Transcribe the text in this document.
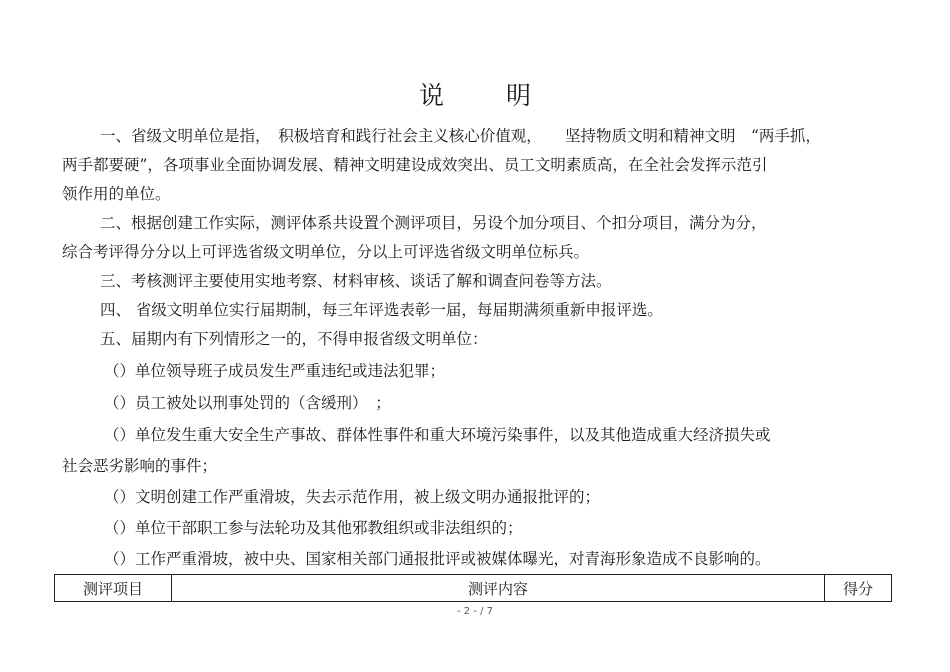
说 明
一、省级文明单位是指，　积极培育和践行社会主义核心价值观，　　坚持物质文明和精神文明　“两手抓，
两手都要硬”，各项事业全面协调发展、精神文明建设成效突出、员工文明素质高，在全社会发挥示范引
领作用的单位。
二、根据创建工作实际，测评体系共设置个测评项目，另设个加分项目、个扣分项目，满分为分，
综合考评得分分以上可评选省级文明单位，分以上可评选省级文明单位标兵。
三、考核测评主要使用实地考察、材料审核、谈话了解和调查问卷等方法。
四、 省级文明单位实行届期制，每三年评选表彰一届，每届期满须重新申报评选。
五、届期内有下列情形之一的，不得申报省级文明单位：
（）单位领导班子成员发生严重违纪或违法犯罪；
（）员工被处以刑事处罚的（含缓刑）　；
（）单位发生重大安全生产事故、群体性事件和重大环境污染事件，以及其他造成重大经济损失或
社会恶劣影响的事件；
（）文明创建工作严重滑坡，失去示范作用，被上级文明办通报批评的；
（）单位干部职工参与法轮功及其他邪教组织或非法组织的；
（）工作严重滑坡，被中央、国家相关部门通报批评或被媒体曝光，对青海形象造成不良影响的。
测评项目	测评内容	得分
- 2 - / 7
